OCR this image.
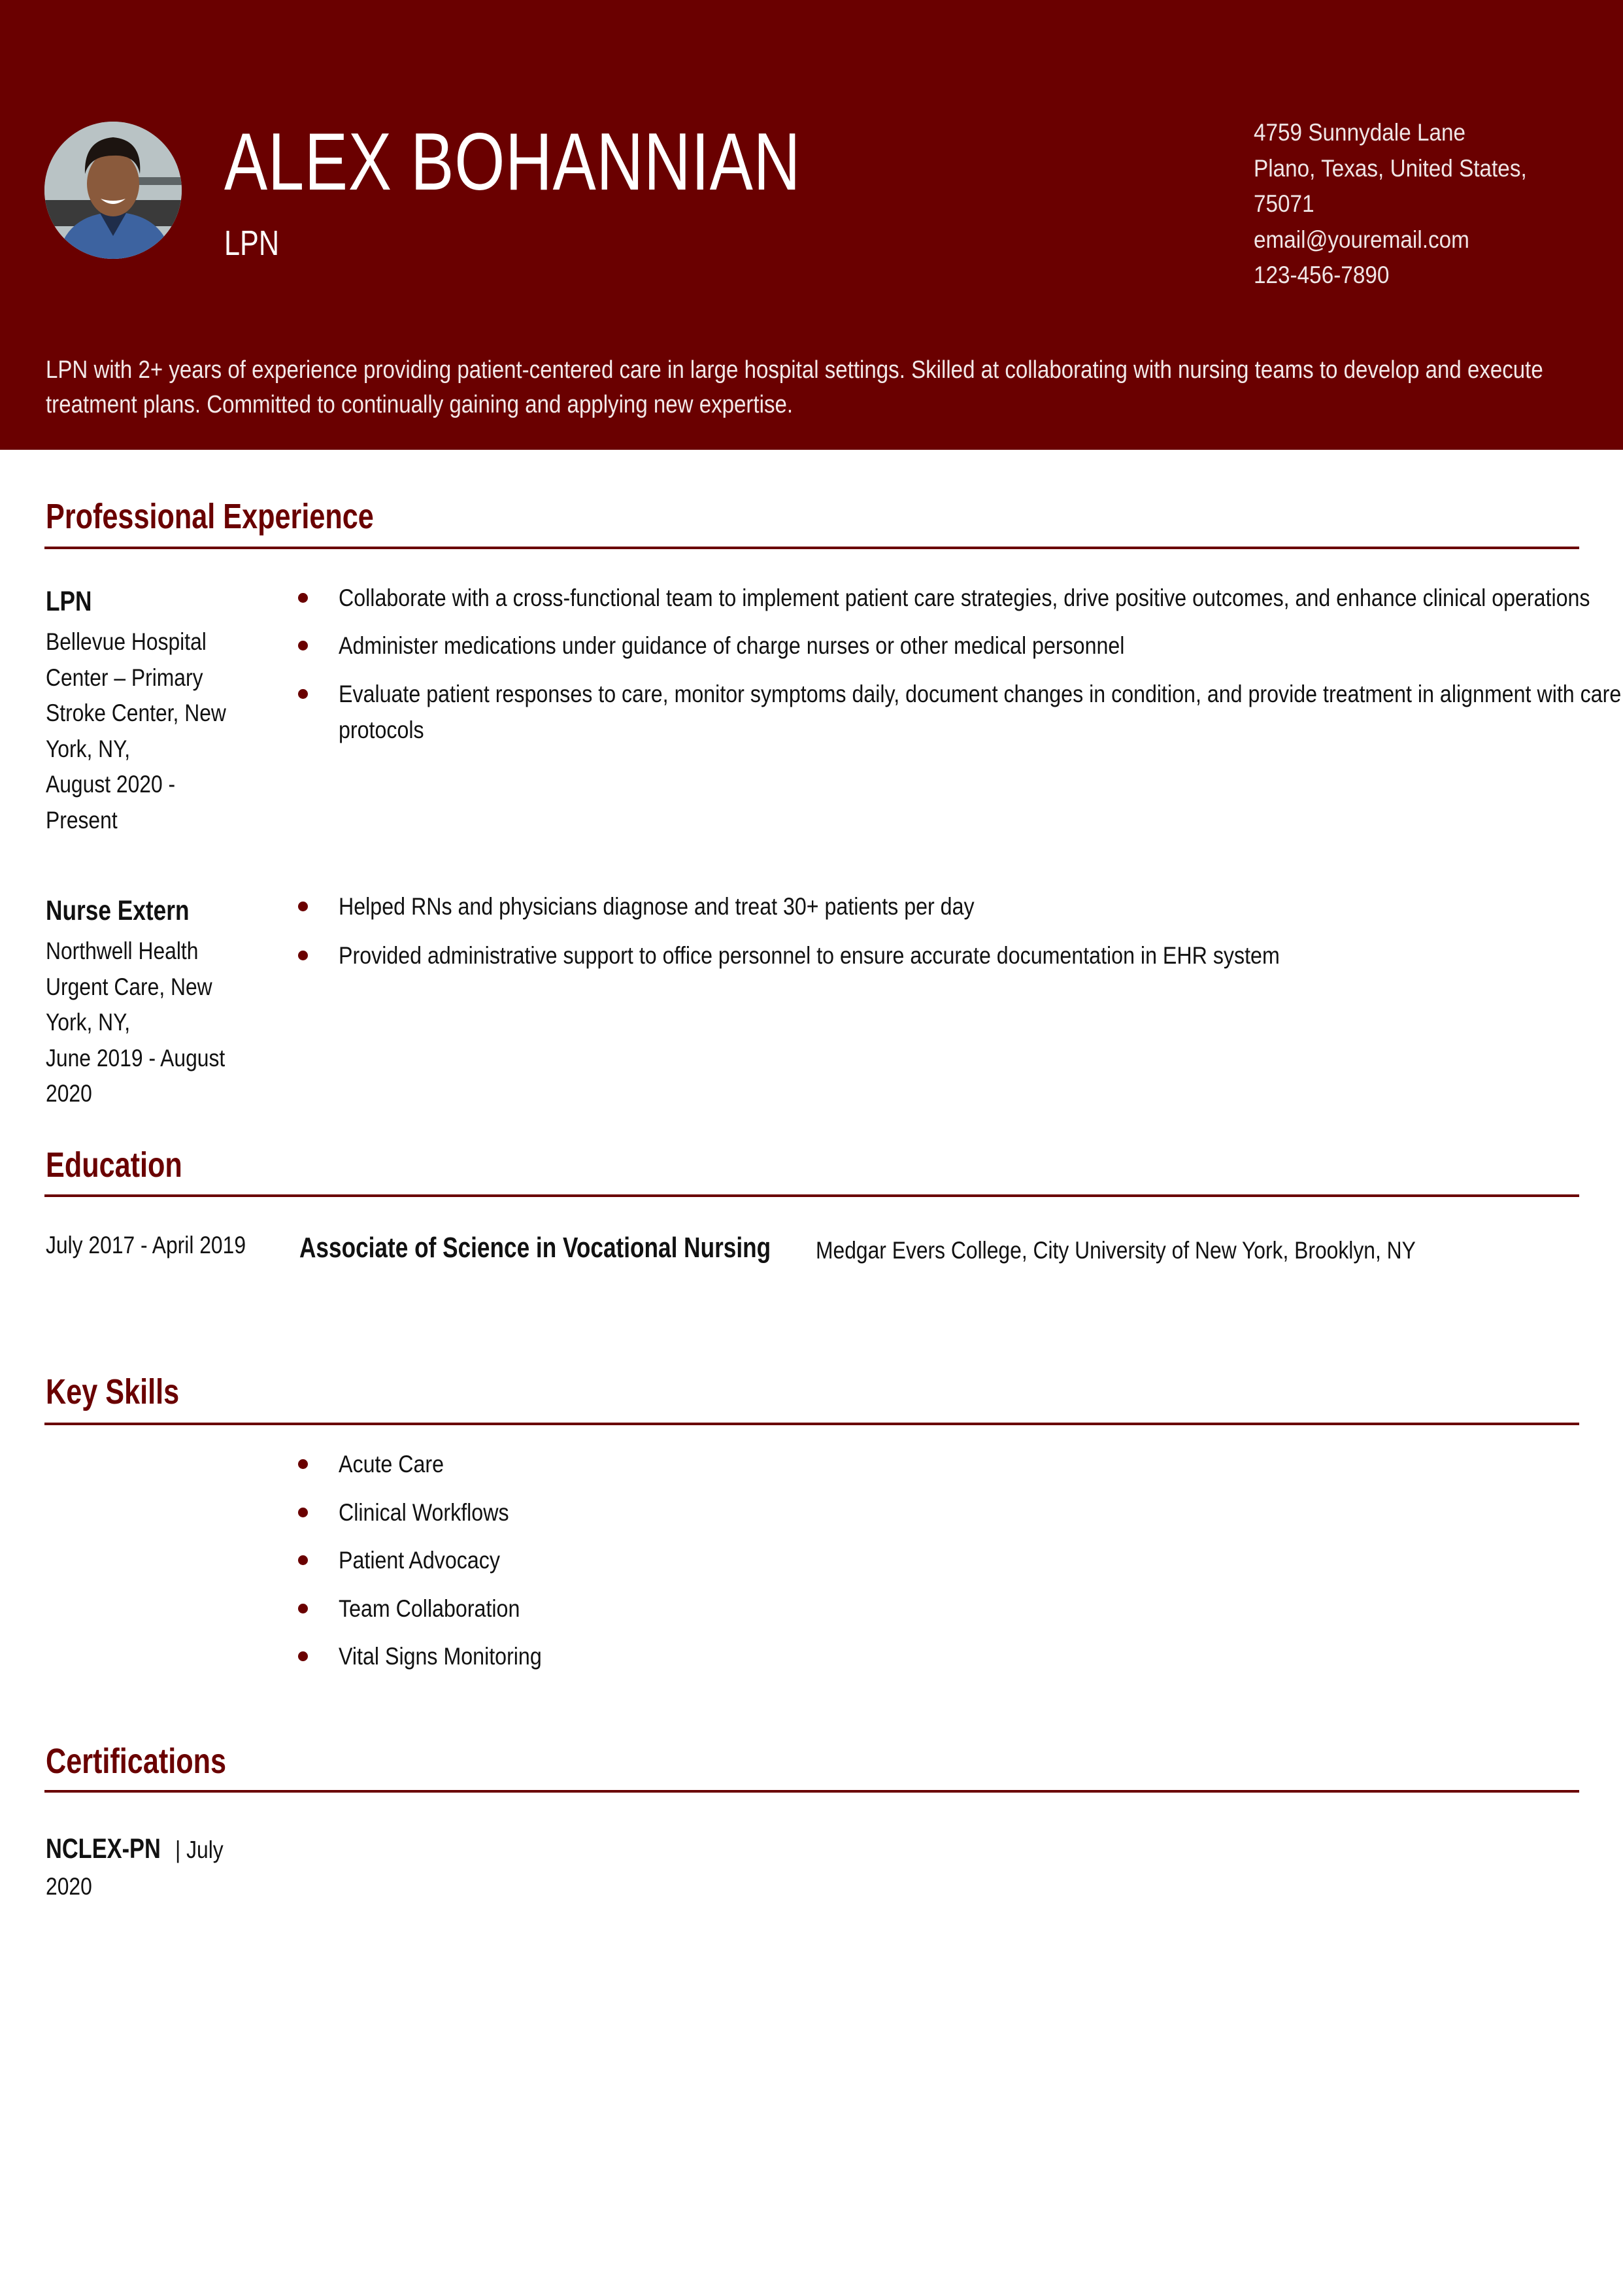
ALEX BOHANNIAN
LPN
4759 Sunnydale Lane
Plano, Texas, United States,
75071
email@youremail.com
123-456-7890
LPN with 2+ years of experience providing patient-centered care in large hospital settings. Skilled at collaborating with nursing teams to develop and execute treatment plans. Committed to continually gaining and applying new expertise.
Professional Experience
LPN
Bellevue Hospital
Center – Primary
Stroke Center, New
York, NY,
August 2020 -
Present
Collaborate with a cross-functional team to implement patient care strategies, drive positive outcomes, and enhance clinical operations
Administer medications under guidance of charge nurses or other medical personnel
Evaluate patient responses to care, monitor symptoms daily, document changes in condition, and provide treatment in alignment with care protocols
Nurse Extern
Northwell Health
Urgent Care, New
York, NY,
June 2019 - August
2020
Helped RNs and physicians diagnose and treat 30+ patients per day
Provided administrative support to office personnel to ensure accurate documentation in EHR system
Education
July 2017 - April 2019	Associate of Science in Vocational Nursing Medgar Evers College, City University of New York, Brooklyn, NY
Key Skills
Acute Care
Clinical Workflows
Patient Advocacy
Team Collaboration
Vital Signs Monitoring
Certifications
NCLEX-PN | July
2020
